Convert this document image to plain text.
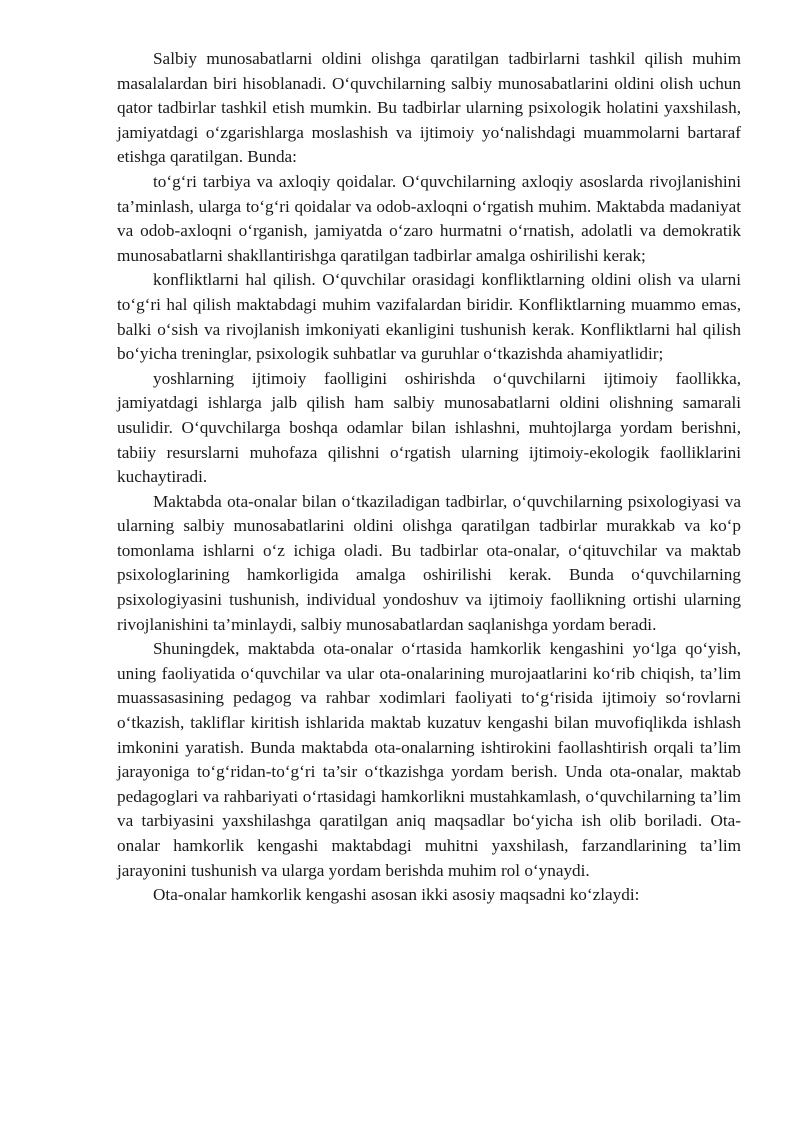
Salbiy munosabatlarni oldini olishga qaratilgan tadbirlarni tashkil qilish muhim masalalardan biri hisoblanadi. O‘quvchilarning salbiy munosabatlarini oldini olish uchun qator tadbirlar tashkil etish mumkin. Bu tadbirlar ularning psixologik holatini yaxshilash, jamiyatdagi o‘zgarishlarga moslashish va ijtimoiy yo‘nalishdagi muammolarni bartaraf etishga qaratilgan. Bunda:

to‘g‘ri tarbiya va axloqiy qoidalar. O‘quvchilarning axloqiy asoslarda rivojlanishini ta’minlash, ularga to‘g‘ri qoidalar va odob-axloqni o‘rgatish muhim. Maktabda madaniyat va odob-axloqni o‘rganish, jamiyatda o‘zaro hurmatni o‘rnatish, adolatli va demokratik munosabatlarni shakllantirishga qaratilgan tadbirlar amalga oshirilishi kerak;

konfliktlarni hal qilish. O‘quvchilar orasidagi konfliktlarning oldini olish va ularni to‘g‘ri hal qilish maktabdagi muhim vazifalardan biridir. Konfliktlarning muammo emas, balki o‘sish va rivojlanish imkoniyati ekanligini tushunish kerak. Konfliktlarni hal qilish bo‘yicha treninglar, psixologik suhbatlar va guruhlar o‘tkazishda ahamiyatlidir;

yoshlarning ijtimoiy faolligini oshirishda o‘quvchilarni ijtimoiy faollikka, jamiyatdagi ishlarga jalb qilish ham salbiy munosabatlarni oldini olishning samarali usulidir. O‘quvchilarga boshqa odamlar bilan ishlashni, muhtojlarga yordam berishni, tabiiy resurslarni muhofaza qilishni o‘rgatish ularning ijtimoiy-ekologik faolliklarini kuchaytiradi.

Maktabda ota-onalar bilan o‘tkaziladigan tadbirlar, o‘quvchilarning psixologiyasi va ularning salbiy munosabatlarini oldini olishga qaratilgan tadbirlar murakkab va ko‘p tomonlama ishlarni o‘z ichiga oladi. Bu tadbirlar ota-onalar, o‘qituvchilar va maktab psixologlarining hamkorligida amalga oshirilishi kerak. Bunda o‘quvchilarning psixologiyasini tushunish, individual yondoshuv va ijtimoiy faollikning ortishi ularning rivojlanishini ta’minlaydi, salbiy munosabatlardan saqlanishga yordam beradi.

Shuningdek, maktabda ota-onalar o‘rtasida hamkorlik kengashini yo‘lga qo‘yish, uning faoliyatida o‘quvchilar va ular ota-onalarining murojaatlarini ko‘rib chiqish, ta’lim muassasasining pedagog va rahbar xodimlari faoliyati to‘g‘risida ijtimoiy so‘rovlarni o‘tkazish, takliflar kiritish ishlarida maktab kuzatuv kengashi bilan muvofiqlikda ishlash imkonini yaratish. Bunda maktabda ota-onalarning ishtirokini faollashtirish orqali ta’lim jarayoniga to‘g‘ridan-to‘g‘ri ta’sir o‘tkazishga yordam berish. Unda ota-onalar, maktab pedagoglari va rahbariyati o‘rtasidagi hamkorlikni mustahkamlash, o‘quvchilarning ta’lim va tarbiyasini yaxshilashga qaratilgan aniq maqsadlar bo‘yicha ish olib boriladi. Ota-onalar hamkorlik kengashi maktabdagi muhitni yaxshilash, farzandlarining ta’lim jarayonini tushunish va ularga yordam berishda muhim rol o‘ynaydi.

Ota-onalar hamkorlik kengashi asosan ikki asosiy maqsadni ko‘zlaydi:
